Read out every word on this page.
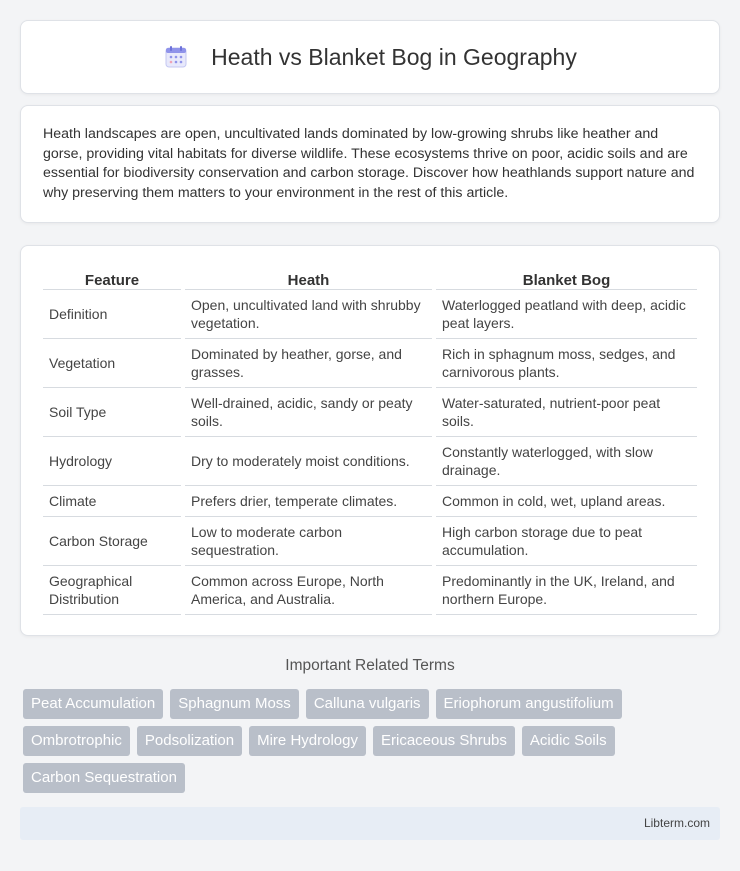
Heath vs Blanket Bog in Geography

Heath landscapes are open, uncultivated lands dominated by low-growing shrubs like heather and gorse, providing vital habitats for diverse wildlife. These ecosystems thrive on poor, acidic soils and are essential for biodiversity conservation and carbon storage. Discover how heathlands support nature and why preserving them matters to your environment in the rest of this article.

Feature	Heath	Blanket Bog
Definition	Open, uncultivated land with shrubby vegetation.	Waterlogged peatland with deep, acidic peat layers.
Vegetation	Dominated by heather, gorse, and grasses.	Rich in sphagnum moss, sedges, and carnivorous plants.
Soil Type	Well-drained, acidic, sandy or peaty soils.	Water-saturated, nutrient-poor peat soils.
Hydrology	Dry to moderately moist conditions.	Constantly waterlogged, with slow drainage.
Climate	Prefers drier, temperate climates.	Common in cold, wet, upland areas.
Carbon Storage	Low to moderate carbon sequestration.	High carbon storage due to peat accumulation.
Geographical Distribution	Common across Europe, North America, and Australia.	Predominantly in the UK, Ireland, and northern Europe.
Important Related Terms
Peat Accumulation	Sphagnum Moss	Calluna vulgaris	Eriophorum angustifolium
Ombrotrophic	Podsolization	Mire Hydrology	Ericaceous Shrubs	Acidic Soils
Carbon Sequestration
Libterm.com
